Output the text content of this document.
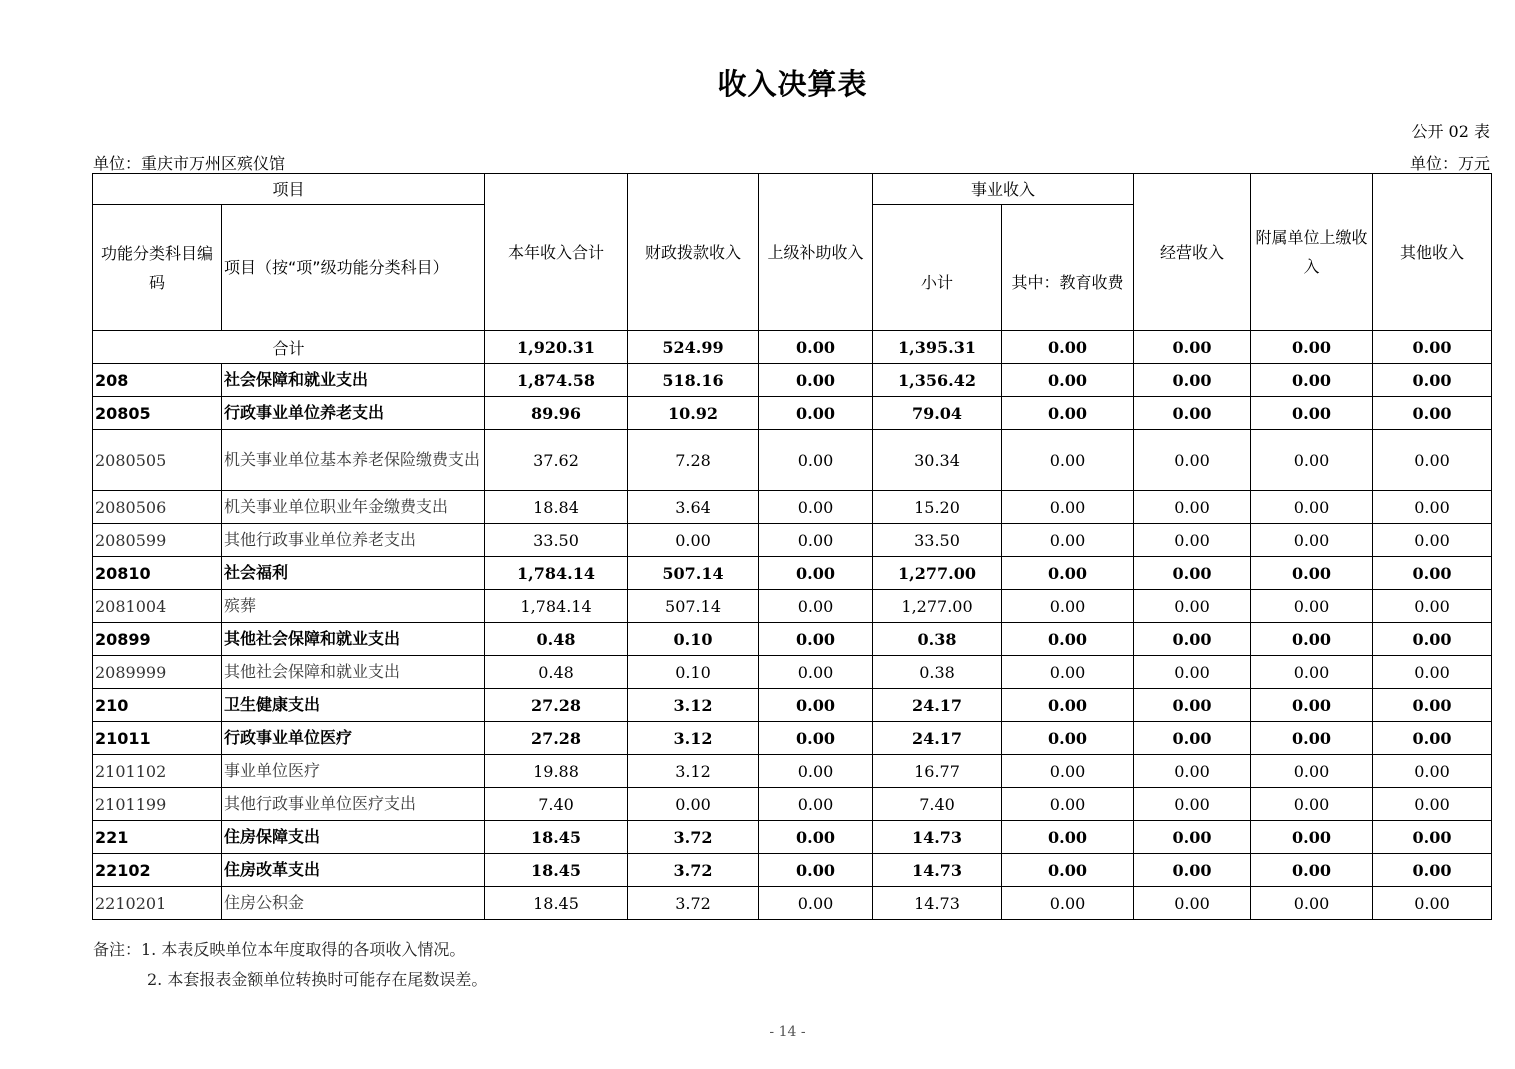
收入决算表
公开 02 表
单位：重庆市万州区殡仪馆	单位：万元
项目		本年收入合计	财政拨款收入	上级补助收入	事业收入		经营收入	附属单位上缴收入	其他收入
功能分类科目编码	项目（按“项”级功能分类科目）				小计	其中：教育收费			
合计		1,920.31	524.99	0.00	1,395.31	0.00	0.00	0.00	0.00
208	社会保障和就业支出	1,874.58	518.16	0.00	1,356.42	0.00	0.00	0.00	0.00
20805	行政事业单位养老支出	89.96	10.92	0.00	79.04	0.00	0.00	0.00	0.00
2080505	机关事业单位基本养老保险缴费支出	37.62	7.28	0.00	30.34	0.00	0.00	0.00	0.00
2080506	机关事业单位职业年金缴费支出	18.84	3.64	0.00	15.20	0.00	0.00	0.00	0.00
2080599	其他行政事业单位养老支出	33.50	0.00	0.00	33.50	0.00	0.00	0.00	0.00
20810	社会福利	1,784.14	507.14	0.00	1,277.00	0.00	0.00	0.00	0.00
2081004	殡葬	1,784.14	507.14	0.00	1,277.00	0.00	0.00	0.00	0.00
20899	其他社会保障和就业支出	0.48	0.10	0.00	0.38	0.00	0.00	0.00	0.00
2089999	其他社会保障和就业支出	0.48	0.10	0.00	0.38	0.00	0.00	0.00	0.00
210	卫生健康支出	27.28	3.12	0.00	24.17	0.00	0.00	0.00	0.00
21011	行政事业单位医疗	27.28	3.12	0.00	24.17	0.00	0.00	0.00	0.00
2101102	事业单位医疗	19.88	3.12	0.00	16.77	0.00	0.00	0.00	0.00
2101199	其他行政事业单位医疗支出	7.40	0.00	0.00	7.40	0.00	0.00	0.00	0.00
221	住房保障支出	18.45	3.72	0.00	14.73	0.00	0.00	0.00	0.00
22102	住房改革支出	18.45	3.72	0.00	14.73	0.00	0.00	0.00	0.00
2210201	住房公积金	18.45	3.72	0.00	14.73	0.00	0.00	0.00	0.00
备注：1. 本表反映单位本年度取得的各项收入情况。
2. 本套报表金额单位转换时可能存在尾数误差。
- 14 -
